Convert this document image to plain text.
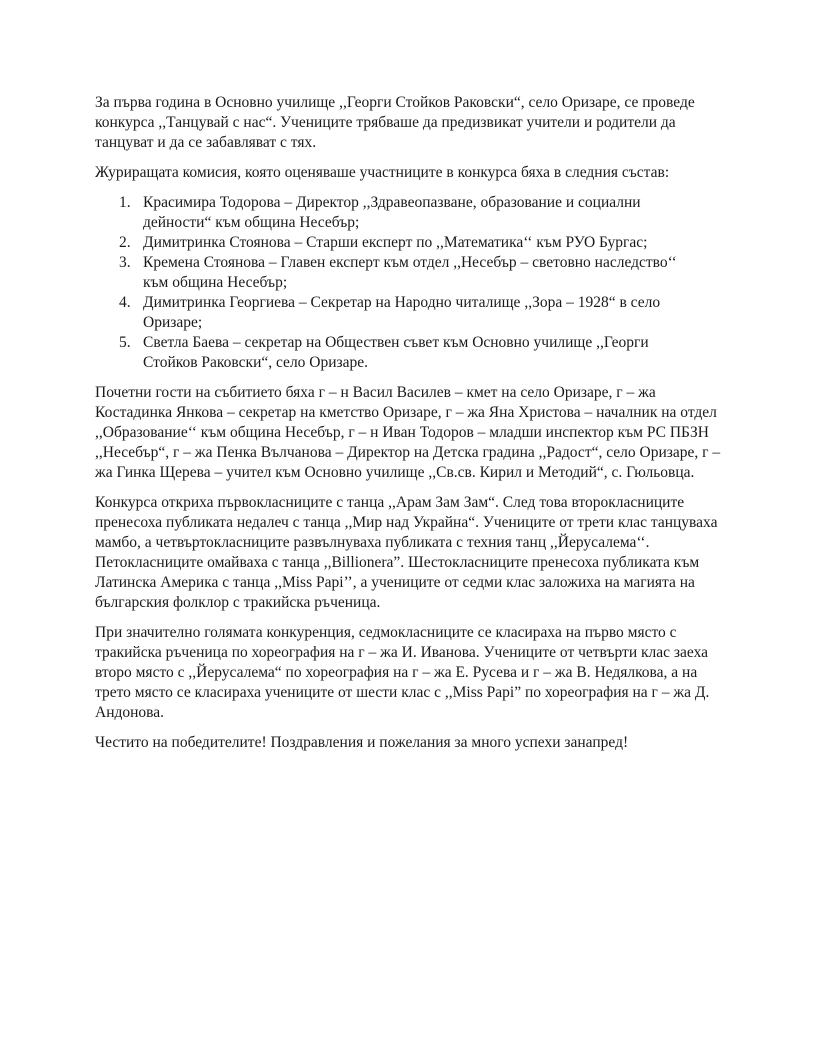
За първа година в Основно училище ,,Георги Стойков Раковски“, село Оризаре, се проведе конкурса ,,Танцувай с нас“. Учениците трябваше да предизвикат учители и родители да танцуват и да се забавляват с тях.

Журиращата комисия, която оценяваше участниците в конкурса бяха в следния състав:

1. Красимира Тодорова – Директор ,,Здравеопазване, образование и социални дейности“ към община Несебър;
2. Димитринка Стоянова – Старши експерт по ,,Математика‘‘ към РУО Бургас;
3. Кремена Стоянова – Главен експерт към отдел ,,Несебър – световно наследство‘‘ към община Несебър;
4. Димитринка Георгиева – Секретар на Народно читалище ,,Зора – 1928“ в село Оризаре;
5. Светла Баева – секретар на Обществен съвет към Основно училище ,,Георги Стойков Раковски“, село Оризаре.

Почетни гости на събитието бяха г – н Васил Василев – кмет на село Оризаре, г – жа Костадинка Янкова – секретар на кметство Оризаре, г – жа Яна Христова – началник на отдел ,,Образование‘‘ към община Несебър, г – н Иван Тодоров – младши инспектор към РС ПБЗН ,,Несебър“, г – жа Пенка Вълчанова – Директор на Детска градина ,,Радост“, село Оризаре, г – жа Гинка Щерева – учител към Основно училище ,,Св.св. Кирил и Методий“, с. Гюльовца.

Конкурса откриха първокласниците с танца ,,Арам Зам Зам“. След това второкласниците пренесоха публиката недалеч с танца ,,Мир над Украйна“. Учениците от трети клас танцуваха мамбо, а четвъртокласниците развълнуваха публиката с техния танц ,,Йерусалема‘‘. Петокласниците омайваха с танца ,,Billionera”. Шестокласниците пренесоха публиката към Латинска Америка с танца ,,Miss Papi’’, а учениците от седми клас заложиха на магията на българския фолклор с тракийска ръченица.

При значително голямата конкуренция, седмокласниците се класираха на първо място с тракийска ръченица по хореография на г – жа И. Иванова. Учениците от четвърти клас заеха второ място с ,,Йерусалема“ по хореография на г – жа Е. Русева и г – жа В. Недялкова, а на трето място се класираха учениците от шести клас с ,,Miss Papi” по хореография на г – жа Д. Андонова.

Честито на победителите! Поздравления и пожелания за много успехи занапред!
